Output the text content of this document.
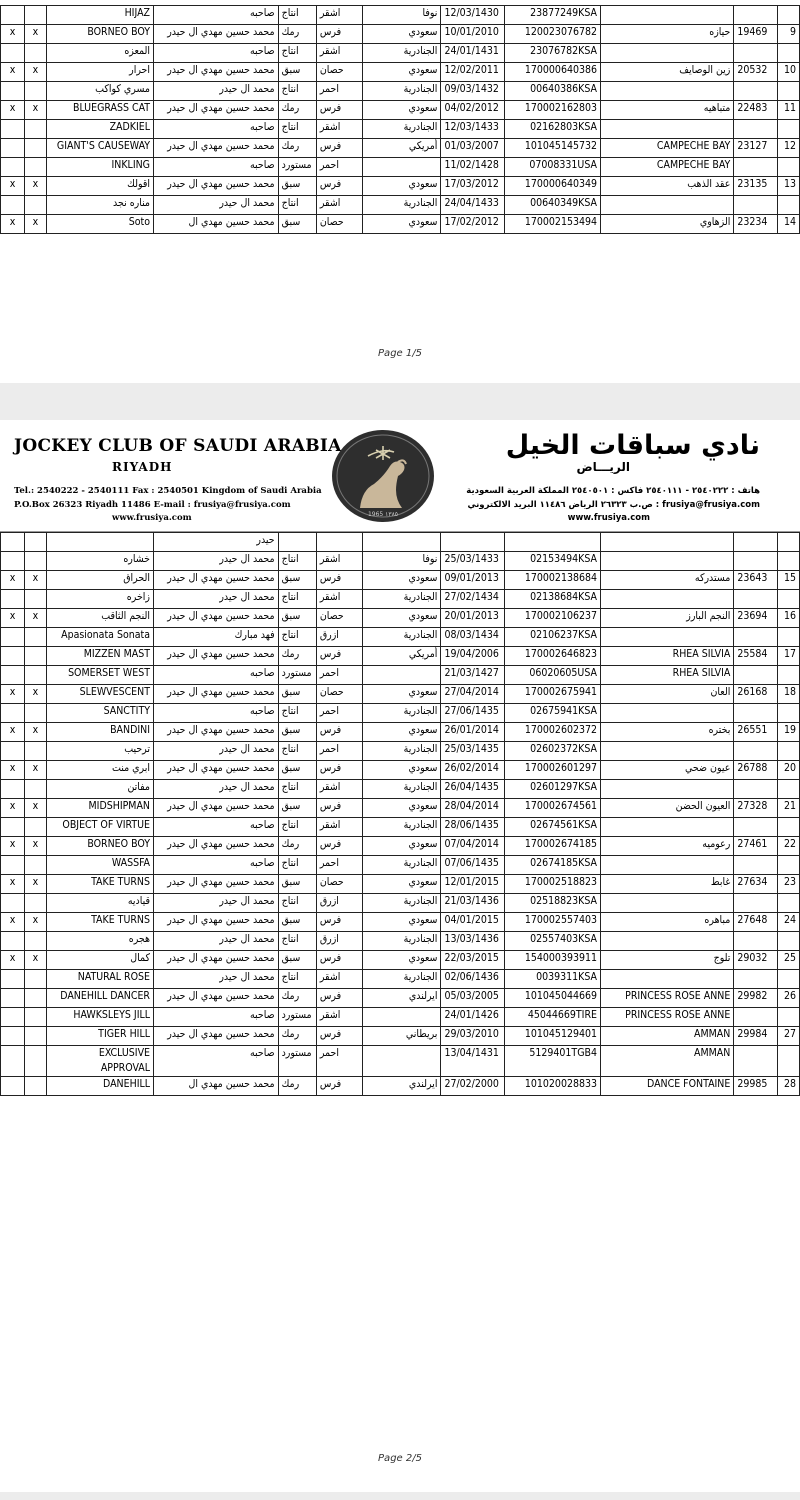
		HIJAZ	صاحبه	انتاج	اشقر	نوفا	12/03/1430	23877249KSA			
x	x	BORNEO BOY	محمد حسين مهدي ال حيدر	رمك	فرس	سعودي	10/01/2010	120023076782	حيازه	19469	9
		المعزه	صاحبه	انتاج	اشقر	الجنادرية	24/01/1431	23076782KSA			
x	x	احرار	محمد حسين مهدي ال حيدر	سبق	حصان	سعودي	12/02/2011	170000640386	زين الوصايف	20532	10
		مسري كواكب	محمد ال حيدر	انتاج	احمر	الجنادرية	09/03/1432	00640386KSA			
x	x	BLUEGRASS CAT	محمد حسين مهدي ال حيدر	رمك	فرس	سعودي	04/02/2012	170002162803	متباهيه	22483	11
		ZADKIEL	صاحبه	انتاج	اشقر	الجنادرية	12/03/1433	02162803KSA			
		GIANT'S CAUSEWAY	محمد حسين مهدي ال حيدر	رمك	فرس	أمريكي	01/03/2007	101045145732	CAMPECHE BAY	23127	12
		INKLING	صاحبه	مستورد	احمر		11/02/1428	07008331USA	CAMPECHE BAY		
x	x	اقولك	محمد حسين مهدي ال حيدر	سبق	فرس	سعودي	17/03/2012	170000640349	عقد الذهب	23135	13
		مناره نجد	محمد ال حيدر	انتاج	اشقر	الجنادرية	24/04/1433	00640349KSA			
x	x	Soto	محمد حسين مهدي ال	سبق	حصان	سعودي	17/02/2012	170002153494	الزهاوي	23234	14
Page 1/5
JOCKEY CLUB OF SAUDI ARABIA
RIYADH
Tel.: 2540222 - 2540111 Fax : 2540501 Kingdom of Saudi Arabia
P.O.Box 26323 Riyadh 11486 E-mail : frusiya@frusiya.com
www.frusiya.com	1965 ١٣٨٥
نادي سباقات الخيل
الريـــاض
هاتف : ٢٥٤٠٢٢٢ - ٢٥٤٠١١١ فاكس : ٢٥٤٠٥٠١ المملكة العربية السعودية
ص.ب ٢٦٣٢٣ الرياض ١١٤٨٦ البريد الالكتروني : frusiya@frusiya.com
www.frusiya.com
			حيدر								
		خشاره	محمد ال حيدر	انتاج	اشقر	نوفا	25/03/1433	02153494KSA			
x	x	الحراق	محمد حسين مهدي ال حيدر	سبق	فرس	سعودي	09/01/2013	170002138684	مستدركه	23643	15
		زاخره	محمد ال حيدر	انتاج	اشقر	الجنادرية	27/02/1434	02138684KSA			
x	x	النجم الثاقب	محمد حسين مهدي ال حيدر	سبق	حصان	سعودي	20/01/2013	170002106237	النجم البارز	23694	16
		Apasionata Sonata	فهد مبارك	انتاج	ازرق	الجنادرية	08/03/1434	02106237KSA			
		MIZZEN MAST	محمد حسين مهدي ال حيدر	رمك	فرس	أمريكي	19/04/2006	170002646823	RHEA SILVIA	25584	17
		SOMERSET WEST	صاحبه	مستورد	احمر		21/03/1427	06020605USA	RHEA SILVIA		
x	x	SLEWVESCENT	محمد حسين مهدي ال حيدر	سبق	حصان	سعودي	27/04/2014	170002675941	العان	26168	18
		SANCTITY	صاحبه	انتاج	احمر	الجنادرية	27/06/1435	02675941KSA			
x	x	BANDINI	محمد حسين مهدي ال حيدر	سبق	فرس	سعودي	26/01/2014	170002602372	بختره	26551	19
		ترحيب	محمد ال حيدر	انتاج	احمر	الجنادرية	25/03/1435	02602372KSA			
x	x	ابري منت	محمد حسين مهدي ال حيدر	سبق	فرس	سعودي	26/02/2014	170002601297	عيون ضحي	26788	20
		مفاتن	محمد ال حيدر	انتاج	اشقر	الجنادرية	26/04/1435	02601297KSA			
x	x	MIDSHIPMAN	محمد حسين مهدي ال حيدر	سبق	فرس	سعودي	28/04/2014	170002674561	العيون الحضن	27328	21
		OBJECT OF VIRTUE	صاحبه	انتاج	اشقر	الجنادرية	28/06/1435	02674561KSA			
x	x	BORNEO BOY	محمد حسين مهدي ال حيدر	رمك	فرس	سعودي	07/04/2014	170002674185	رعوميه	27461	22
		WASSFA	صاحبه	انتاج	احمر	الجنادرية	07/06/1435	02674185KSA			
x	x	TAKE TURNS	محمد حسين مهدي ال حيدر	سبق	حصان	سعودي	12/01/2015	170002518823	غابط	27634	23
		قياديه	محمد ال حيدر	انتاج	ازرق	الجنادرية	21/03/1436	02518823KSA			
x	x	TAKE TURNS	محمد حسين مهدي ال حيدر	سبق	فرس	سعودي	04/01/2015	170002557403	مباهره	27648	24
		هجره	محمد ال حيدر	انتاج	ازرق	الجنادرية	13/03/1436	02557403KSA			
x	x	كمال	محمد حسين مهدي ال حيدر	سبق	فرس	سعودي	22/03/2015	154000393911	تلوج	29032	25
		NATURAL ROSE	محمد ال حيدر	انتاج	اشقر	الجنادرية	02/06/1436	0039311KSA			
		DANEHILL DANCER	محمد حسين مهدي ال حيدر	رمك	فرس	ايرلندي	05/03/2005	101045044669	PRINCESS ROSE ANNE	29982	26
		HAWKSLEYS JILL	صاحبه	مستورد	اشقر		24/01/1426	45044669TIRE	PRINCESS ROSE ANNE		
		TIGER HILL	محمد حسين مهدي ال حيدر	رمك	فرس	بريطاني	29/03/2010	101045129401	AMMAN	29984	27
		EXCLUSIVE APPROVAL	صاحبه	مستورد	احمر		13/04/1431	5129401TGB4	AMMAN		
		DANEHILL	محمد حسين مهدي ال	رمك	فرس	ايرلندي	27/02/2000	101020028833	DANCE FONTAINE	29985	28
Page 2/5
